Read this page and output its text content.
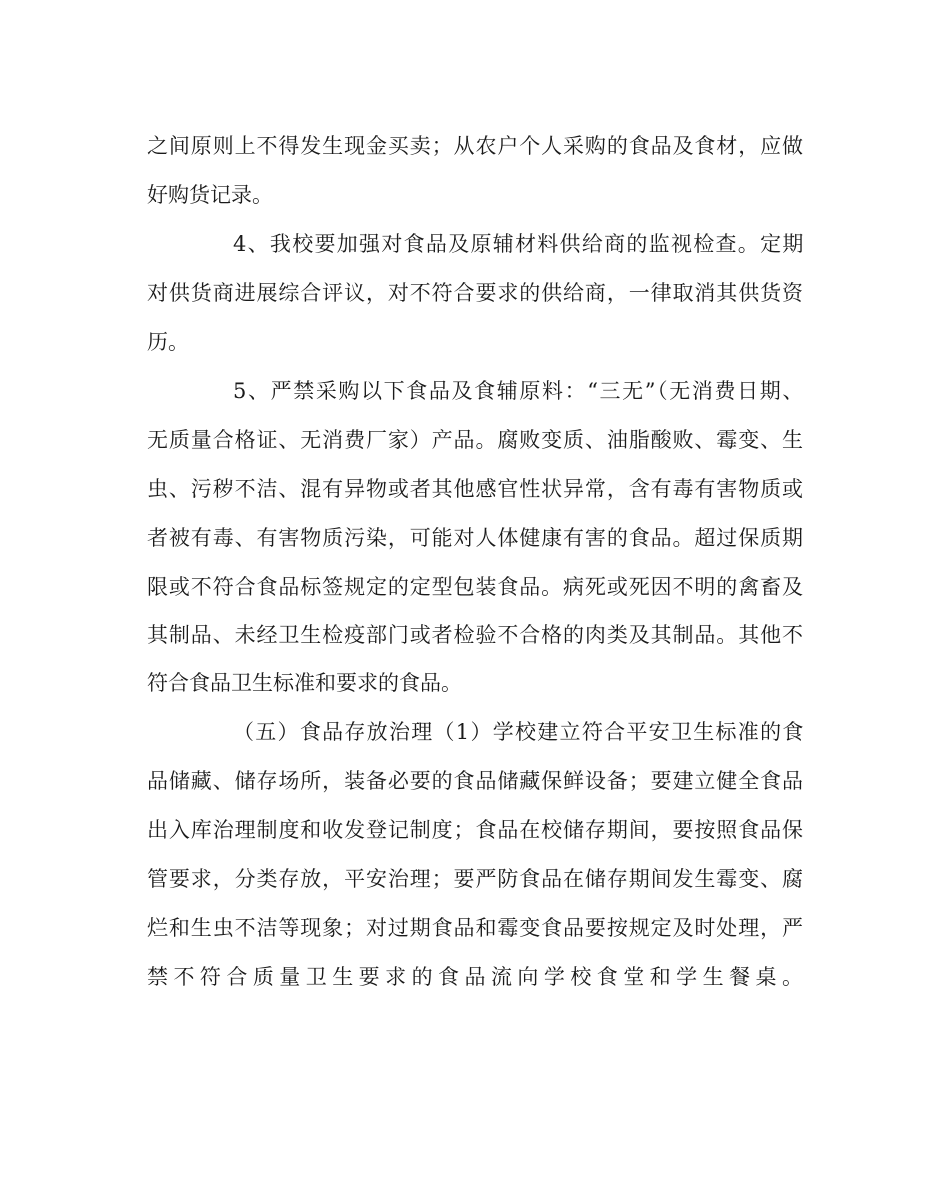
之间原则上不得发生现金买卖；从农户个人采购的食品及食材，应做
好购货记录。
4、我校要加强对食品及原辅材料供给商的监视检查。定期
对供货商进展综合评议，对不符合要求的供给商，一律取消其供货资
历。
5、严禁采购以下食品及食辅原料：“三无”（无消费日期、
无质量合格证、无消费厂家）产品。腐败变质、油脂酸败、霉变、生
虫、污秽不洁、混有异物或者其他感官性状异常，含有毒有害物质或
者被有毒、有害物质污染，可能对人体健康有害的食品。超过保质期
限或不符合食品标签规定的定型包装食品。病死或死因不明的禽畜及
其制品、未经卫生检疫部门或者检验不合格的肉类及其制品。其他不
符合食品卫生标准和要求的食品。
（五）食品存放治理（1）学校建立符合平安卫生标准的食
品储藏、储存场所，装备必要的食品储藏保鲜设备；要建立健全食品
出入库治理制度和收发登记制度；食品在校储存期间，要按照食品保
管要求，分类存放，平安治理；要严防食品在储存期间发生霉变、腐
烂和生虫不洁等现象；对过期食品和霉变食品要按规定及时处理，严
禁不符合质量卫生要求的食品流向学校食堂和学生餐桌。
